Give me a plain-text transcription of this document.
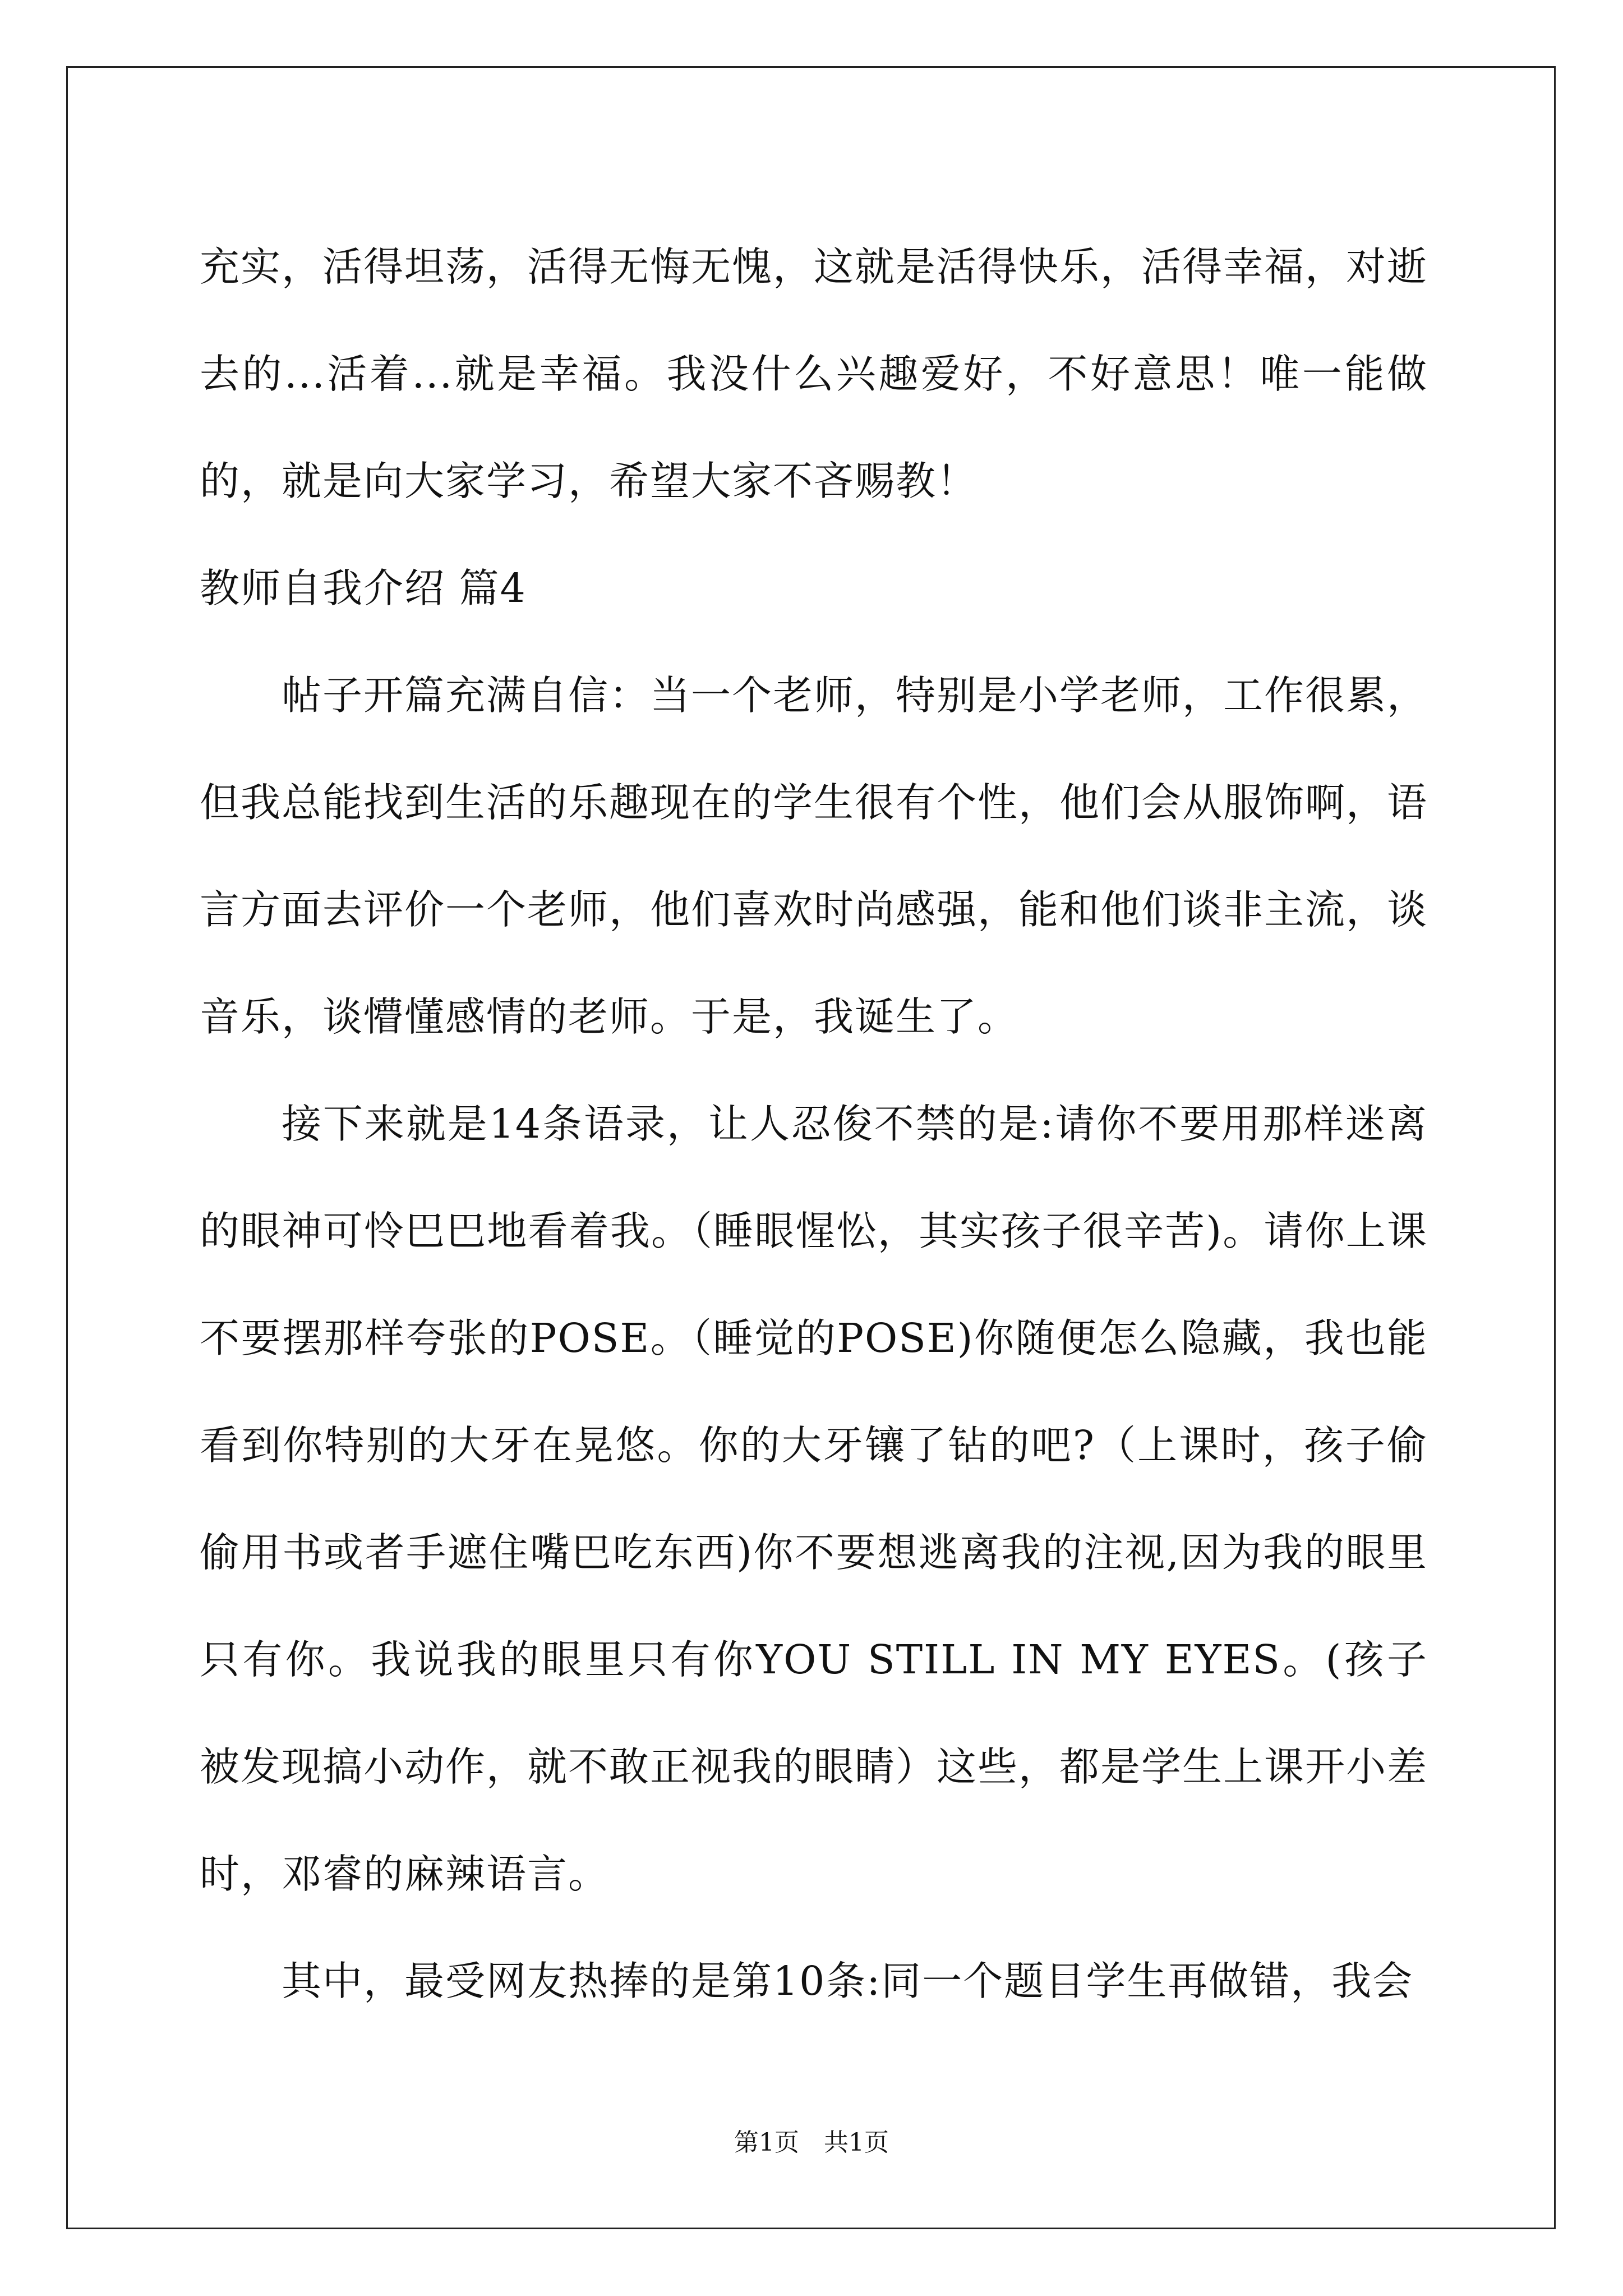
充实，活得坦荡，活得无悔无愧，这就是活得快乐，活得幸福，对逝去的...活着...就是幸福。我没什么兴趣爱好，不好意思！唯一能做的，就是向大家学习，希望大家不吝赐教！

教师自我介绍 篇4

帖子开篇充满自信：当一个老师，特别是小学老师，工作很累，但我总能找到生活的乐趣现在的学生很有个性，他们会从服饰啊，语言方面去评价一个老师，他们喜欢时尚感强，能和他们谈非主流，谈音乐，谈懵懂感情的老师。于是，我诞生了。

接下来就是14条语录，让人忍俊不禁的是:请你不要用那样迷离的眼神可怜巴巴地看着我。（睡眼惺忪，其实孩子很辛苦)。请你上课不要摆那样夸张的POSE。（睡觉的POSE)你随便怎么隐藏，我也能看到你特别的大牙在晃悠。你的大牙镶了钻的吧?（上课时，孩子偷偷用书或者手遮住嘴巴吃东西)你不要想逃离我的注视,因为我的眼里只有你。我说我的眼里只有你YOU STILL IN MY EYES。(孩子被发现搞小动作，就不敢正视我的眼睛）这些，都是学生上课开小差时，邓睿的麻辣语言。

其中，最受网友热捧的是第10条:同一个题目学生再做错，我会

第1页　共1页
